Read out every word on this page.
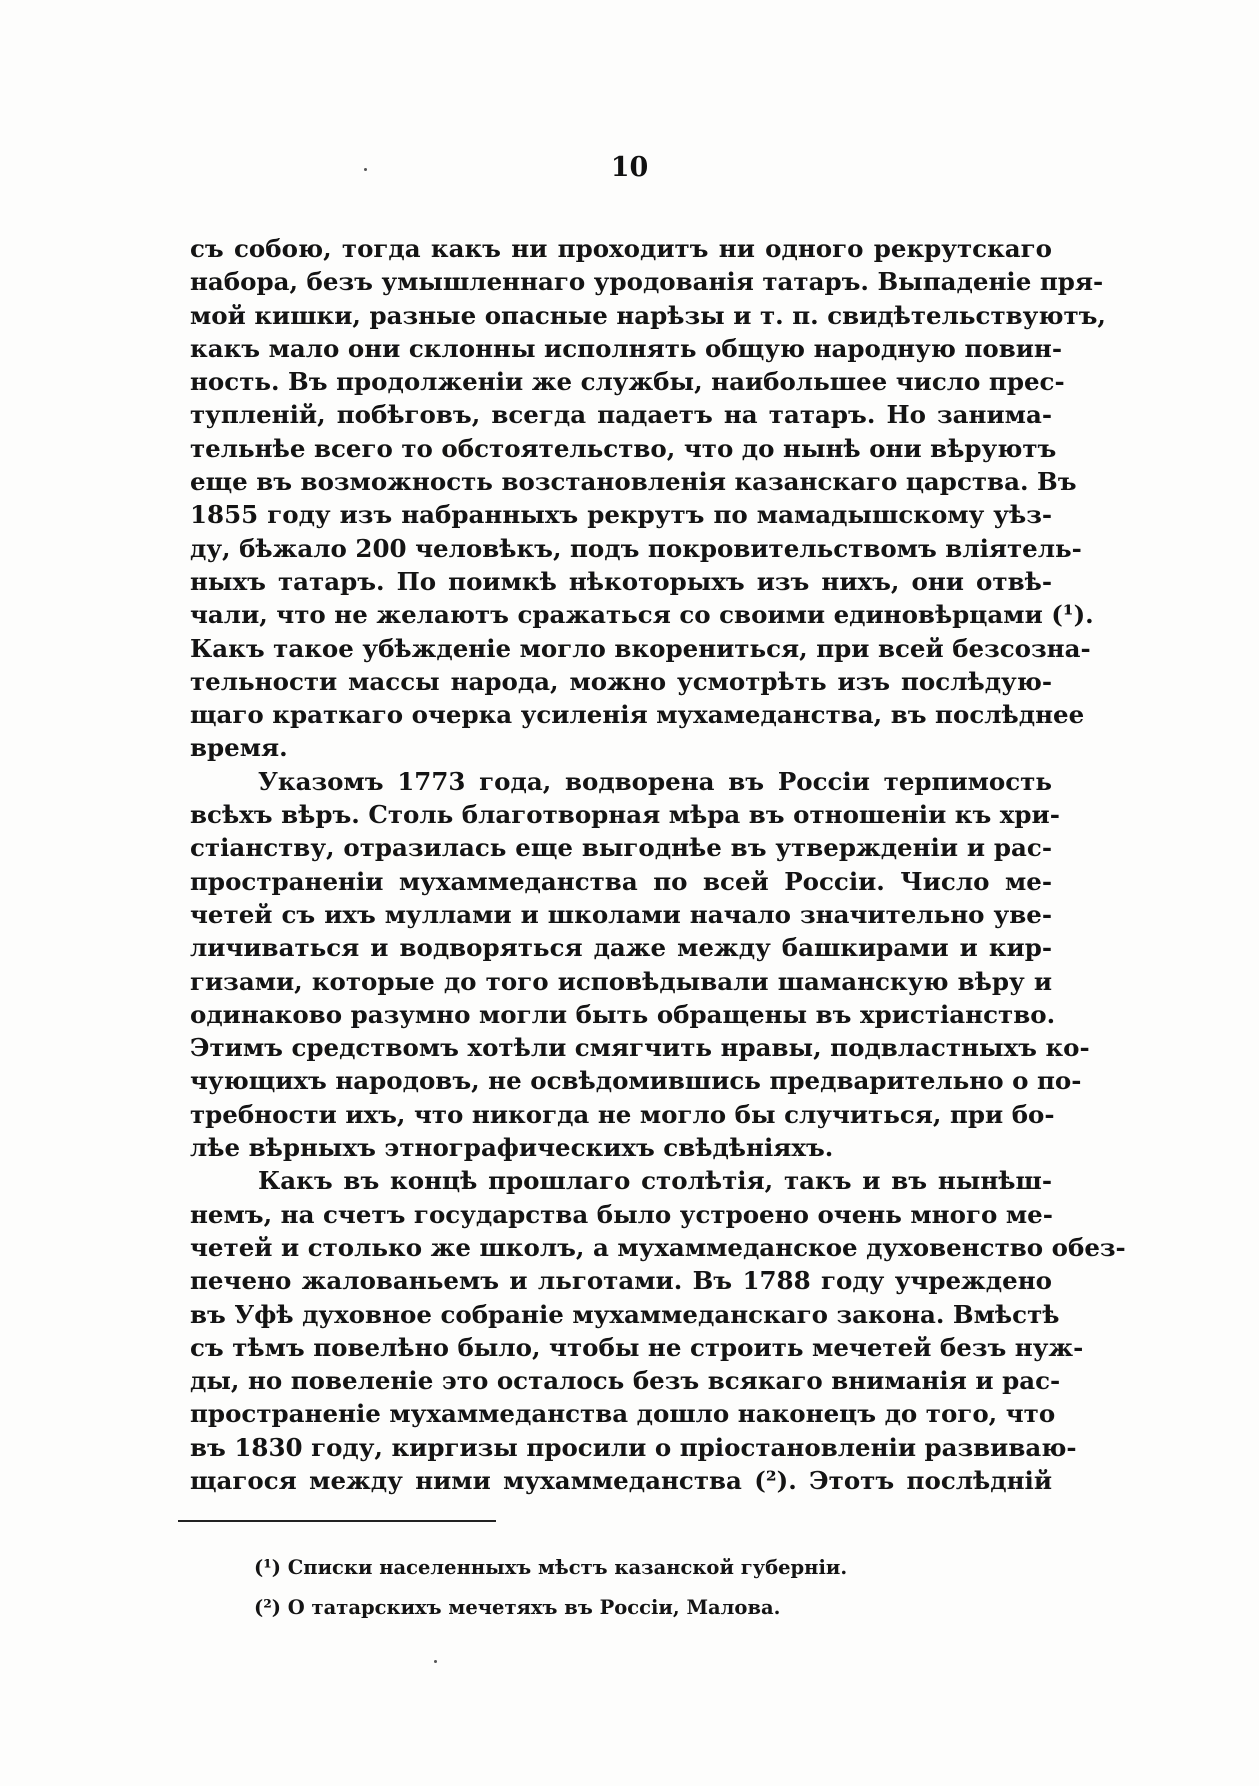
10
съ собою, тогда какъ ни проходитъ ни одного рекрутскаго
набора, безъ умышленнаго уродованія татаръ. Выпаденіе пря-
мой кишки, разные опасные нарѣзы и т. п. свидѣтельствуютъ,
какъ мало они склонны исполнять общую народную повин-
ность. Въ продолженіи же службы, наибольшее число прес-
тупленій, побѣговъ, всегда падаетъ на татаръ. Но занима-
тельнѣе всего то обстоятельство, что до нынѣ они вѣруютъ
еще въ возможность возстановленія казанскаго царства. Въ
1855 году изъ набранныхъ рекрутъ по мамадышскому уѣз-
ду, бѣжало 200 человѣкъ, подъ покровительствомъ вліятель-
ныхъ татаръ. По поимкѣ нѣкоторыхъ изъ нихъ, они отвѣ-
чали, что не желаютъ сражаться со своими единовѣрцами (¹).
Какъ такое убѣжденіе могло вкорениться, при всей безсозна-
тельности массы народа, можно усмотрѣть изъ послѣдую-
щаго краткаго очерка усиленія мухамеданства, въ послѣднее
время.
Указомъ 1773 года, водворена въ Россіи терпимость
всѣхъ вѣръ. Столь благотворная мѣра въ отношеніи къ хри-
стіанству, отразилась еще выгоднѣе въ утвержденіи и рас-
пространеніи мухаммеданства по всей Россіи. Число ме-
четей съ ихъ муллами и школами начало значительно уве-
личиваться и водворяться даже между башкирами и кир-
гизами, которые до того исповѣдывали шаманскую вѣру и
одинаково разумно могли быть обращены въ христіанство.
Этимъ средствомъ хотѣли смягчить нравы, подвластныхъ ко-
чующихъ народовъ, не освѣдомившись предварительно о по-
требности ихъ, что никогда не могло бы случиться, при бо-
лѣе вѣрныхъ этнографическихъ свѣдѣніяхъ.
Какъ въ концѣ прошлаго столѣтія, такъ и въ нынѣш-
немъ, на счетъ государства было устроено очень много ме-
четей и столько же школъ, а мухаммеданское духовенство обез-
печено жалованьемъ и льготами. Въ 1788 году учреждено
въ Уфѣ духовное собраніе мухаммеданскаго закона. Вмѣстѣ
съ тѣмъ повелѣно было, чтобы не строить мечетей безъ нуж-
ды, но повеленіе это осталось безъ всякаго вниманія и рас-
пространеніе мухаммеданства дошло наконецъ до того, что
въ 1830 году, киргизы просили о пріостановленіи развиваю-
щагося между ними мухаммеданства (²). Этотъ послѣдній
(¹) Списки населенныхъ мѣстъ казанской губерніи.
(²) О татарскихъ мечетяхъ въ Россіи, Малова.
